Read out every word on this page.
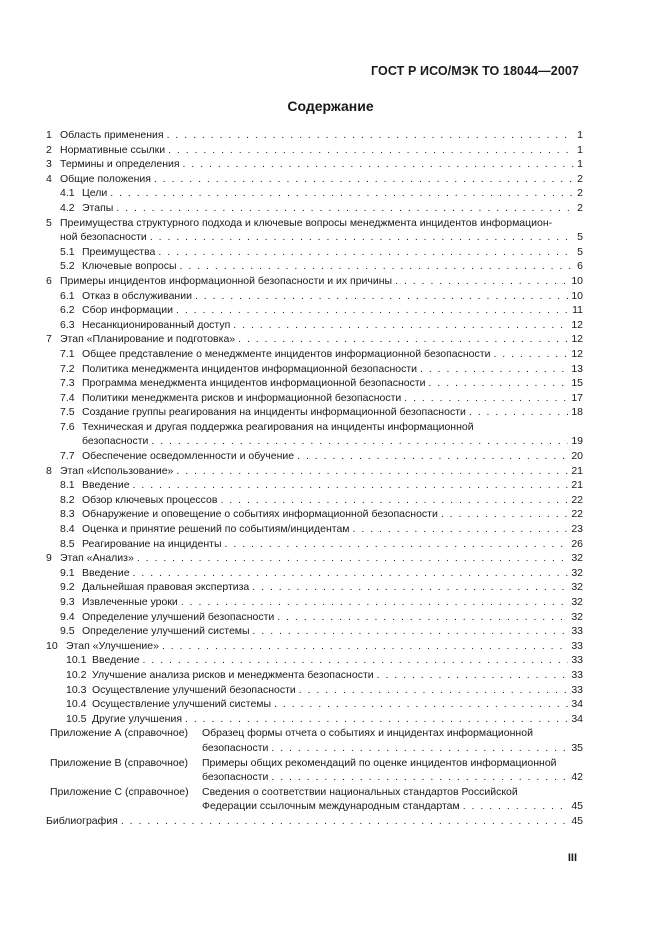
ГОСТ Р ИСО/МЭК ТО 18044—2007
Содержание
1 Область применения . . .	1
2 Нормативные ссылки . . .	1
3 Термины и определения . . .	1
4 Общие положения . . .	2
4.1 Цели . . .	2
4.2 Этапы . . .	2
5 Преимущества структурного подхода и ключевые вопросы менеджмента инцидентов информацион-
ной безопасности . . .	5
5.1 Преимущества . . .	5
5.2 Ключевые вопросы . . .	6
6 Примеры инцидентов информационной безопасности и их причины . . .	10
6.1 Отказ в обслуживании . . .	10
6.2 Сбор информации . . .	11
6.3 Несанкционированный доступ . . .	12
7 Этап «Планирование и подготовка» . . .	12
7.1 Общее представление о менеджменте инцидентов информационной безопасности . . .	12
7.2 Политика менеджмента инцидентов информационной безопасности . . .	13
7.3 Программа менеджмента инцидентов информационной безопасности . . .	15
7.4 Политики менеджмента рисков и информационной безопасности . . .	17
7.5 Создание группы реагирования на инциденты информационной безопасности . . .	18
7.6 Техническая и другая поддержка реагирования на инциденты информационной
безопасности . . .	19
7.7 Обеспечение осведомленности и обучение . . .	20
8 Этап «Использование» . . .	21
8.1 Введение . . .	21
8.2 Обзор ключевых процессов . . .	22
8.3 Обнаружение и оповещение о событиях информационной безопасности . . .	22
8.4 Оценка и принятие решений по событиям/инцидентам . . .	23
8.5 Реагирование на инциденты . . .	26
9 Этап «Анализ» . . .	32
9.1 Введение . . .	32
9.2 Дальнейшая правовая экспертиза . . .	32
9.3 Извлеченные уроки . . .	32
9.4 Определение улучшений безопасности . . .	32
9.5 Определение улучшений системы . . .	33
10 Этап «Улучшение» . . .	33
10.1 Введение . . .	33
10.2 Улучшение анализа рисков и менеджмента безопасности . . .	33
10.3 Осуществление улучшений безопасности . . .	33
10.4 Осуществление улучшений системы . . .	34
10.5 Другие улучшения . . .	34
Приложение А (справочное) Образец формы отчета о событиях и инцидентах информационной
безопасности . . .	35
Приложение В (справочное) Примеры общих рекомендаций по оценке инцидентов информационной
безопасности . . .	42
Приложение С (справочное) Сведения о соответствии национальных стандартов Российской
Федерации ссылочным международным стандартам . . .	45
Библиография . . .	45
III
